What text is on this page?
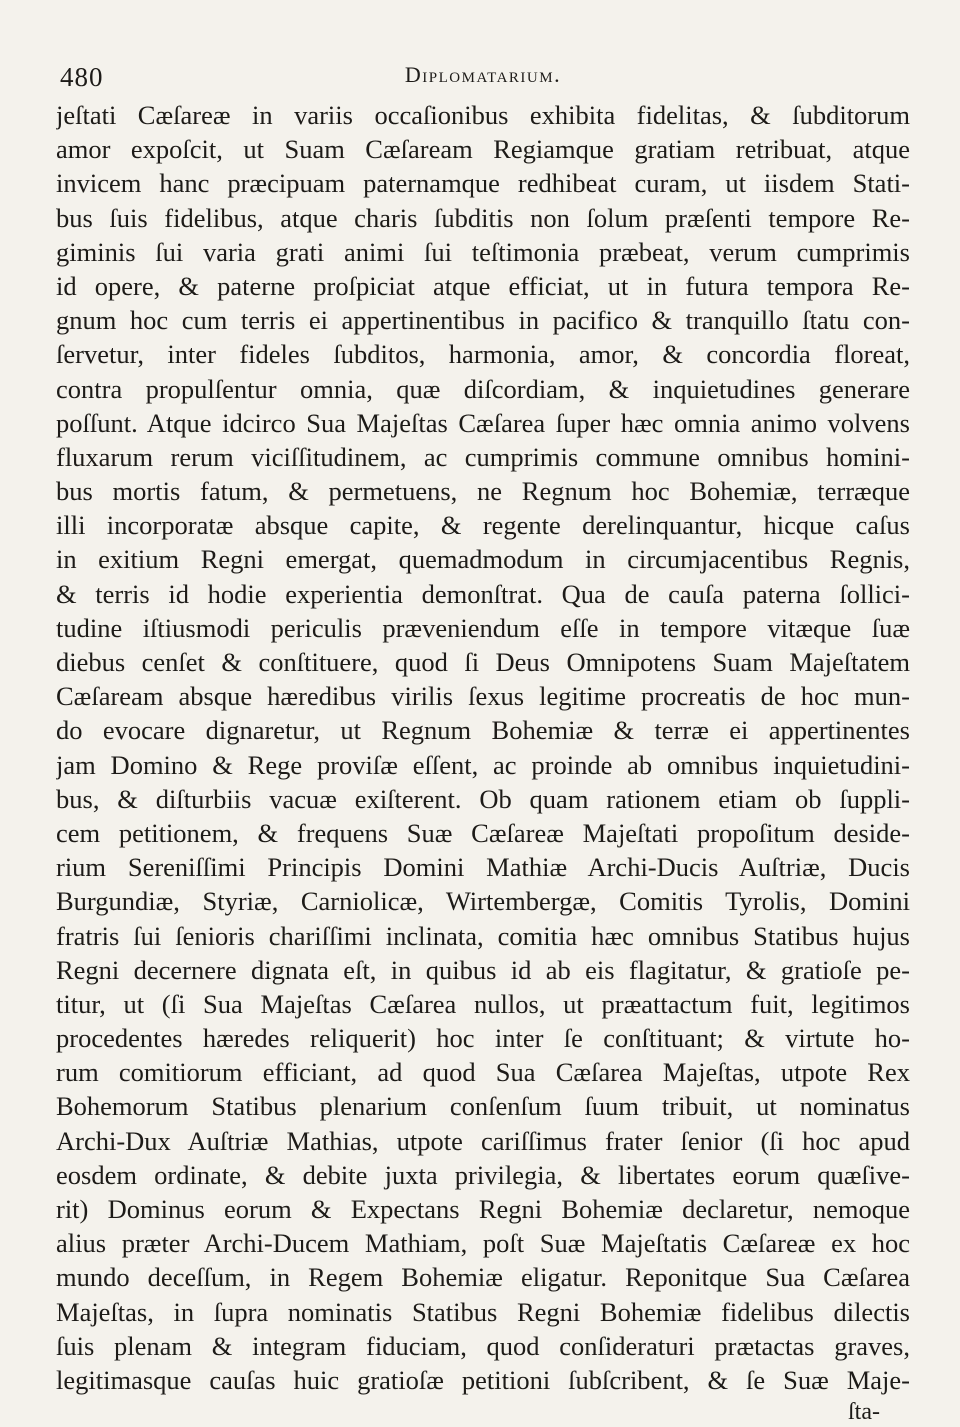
480	Diplomatarium.
jeſtati Cæſareæ in variis occaſionibus exhibita fidelitas, & ſubditorum
amor expoſcit, ut Suam Cæſaream Regiamque gratiam retribuat, atque
invicem hanc præcipuam paternamque redhibeat curam, ut iisdem Stati-
bus ſuis fidelibus, atque charis ſubditis non ſolum præſenti tempore Re-
giminis ſui varia grati animi ſui teſtimonia præbeat, verum cumprimis
id opere, & paterne proſpiciat atque efficiat, ut in futura tempora Re-
gnum hoc cum terris ei appertinentibus in pacifico & tranquillo ſtatu con-
ſervetur, inter fideles ſubditos, harmonia, amor, & concordia floreat,
contra propulſentur omnia, quæ diſcordiam, & inquietudines generare
poſſunt. Atque idcirco Sua Majeſtas Cæſarea ſuper hæc omnia animo volvens
fluxarum rerum viciſſitudinem, ac cumprimis commune omnibus homini-
bus mortis fatum, & permetuens, ne Regnum hoc Bohemiæ, terræque
illi incorporatæ absque capite, & regente derelinquantur, hicque caſus
in exitium Regni emergat, quemadmodum in circumjacentibus Regnis,
& terris id hodie experientia demonſtrat. Qua de cauſa paterna ſollici-
tudine iſtiusmodi periculis præveniendum eſſe in tempore vitæque ſuæ
diebus cenſet & conſtituere, quod ſi Deus Omnipotens Suam Majeſtatem
Cæſaream absque hæredibus virilis ſexus legitime procreatis de hoc mun-
do evocare dignaretur, ut Regnum Bohemiæ & terræ ei appertinentes
jam Domino & Rege proviſæ eſſent, ac proinde ab omnibus inquietudini-
bus, & diſturbiis vacuæ exiſterent. Ob quam rationem etiam ob ſuppli-
cem petitionem, & frequens Suæ Cæſareæ Majeſtati propoſitum deside-
rium Sereniſſimi Principis Domini Mathiæ Archi-Ducis Auſtriæ, Ducis
Burgundiæ, Styriæ, Carniolicæ, Wirtembergæ, Comitis Tyrolis, Domini
fratris ſui ſenioris chariſſimi inclinata, comitia hæc omnibus Statibus hujus
Regni decernere dignata eſt, in quibus id ab eis flagitatur, & gratioſe pe-
titur, ut (ſi Sua Majeſtas Cæſarea nullos, ut præattactum fuit, legitimos
procedentes hæredes reliquerit) hoc inter ſe conſtituant; & virtute ho-
rum comitiorum efficiant, ad quod Sua Cæſarea Majeſtas, utpote Rex
Bohemorum Statibus plenarium conſenſum ſuum tribuit, ut nominatus
Archi-Dux Auſtriæ Mathias, utpote cariſſimus frater ſenior (ſi hoc apud
eosdem ordinate, & debite juxta privilegia, & libertates eorum quæſive-
rit) Dominus eorum & Expectans Regni Bohemiæ declaretur, nemoque
alius præter Archi-Ducem Mathiam, poſt Suæ Majeſtatis Cæſareæ ex hoc
mundo deceſſum, in Regem Bohemiæ eligatur. Reponitque Sua Cæſarea
Majeſtas, in ſupra nominatis Statibus Regni Bohemiæ fidelibus dilectis
ſuis plenam & integram fiduciam, quod conſideraturi prætactas graves,
legitimasque cauſas huic gratioſæ petitioni ſubſcribent, & ſe Suæ Maje-
ſta-
